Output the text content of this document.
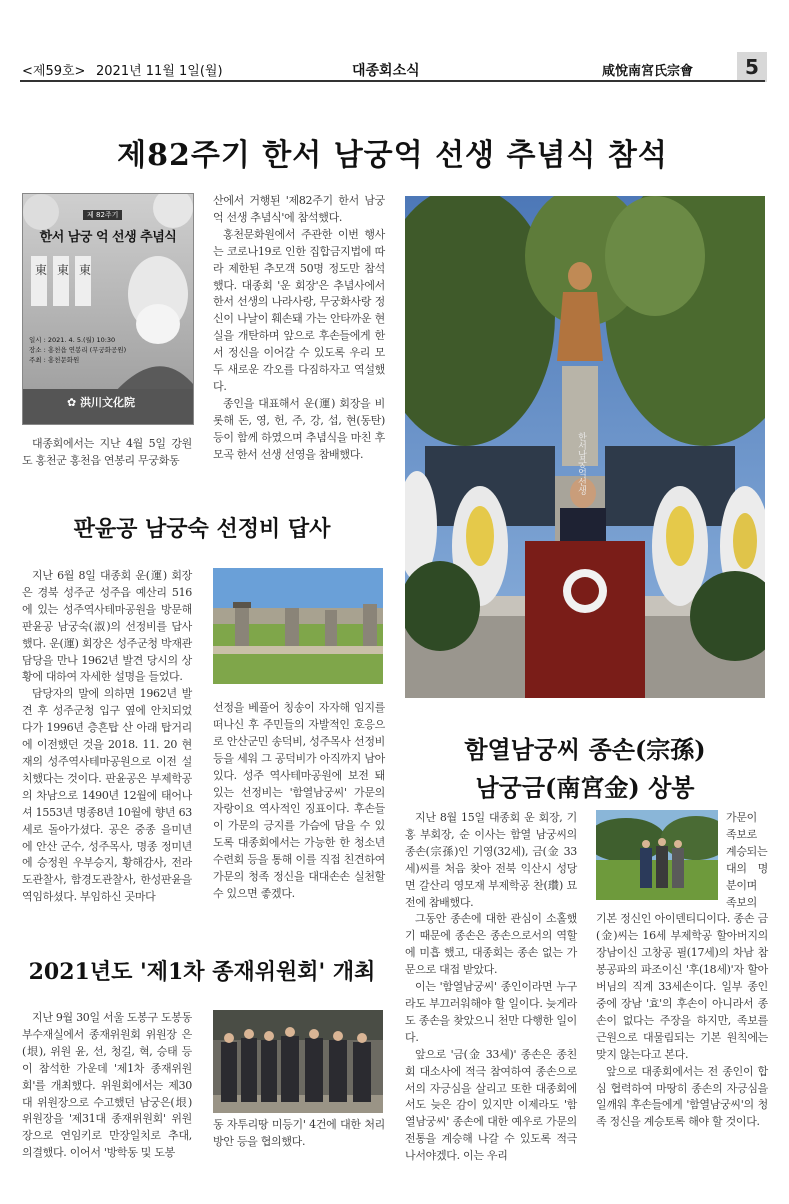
<제59호> 2021년 11월 1일(월)	대종회소식	咸悅南宮氏宗會	5
제82주기 한서 남궁억 선생 추념식 참석
東 東 東
제 82주기
한서 남궁 억 선생 추념식
일시 : 2021. 4. 5.(월) 10:30
장소 : 홍천읍 연봉리 (무궁화공원)
주최 : 홍천문화원
✿ 洪川文化院

대종회에서는 지난 4월 5일 강원도 홍천군 홍천읍 연봉리 무궁화동

산에서 거행된 '제82주기 한서 남궁억 선생 추념식'에 참석했다.

홍천문화원에서 주관한 이번 행사는 코로나19로 인한 집합금지법에 따라 제한된 추모객 50명 정도만 참석했다. 대종회 '운 회장'은 추념사에서 한서 선생의 나라사랑, 무궁화사랑 정신이 나날이 훼손돼 가는 안타까운 현실을 개탄하며 앞으로 후손들에게 한서 정신을 이어갈 수 있도록 우리 모두 새로운 각오를 다짐하자고 역설했다.

종인을 대표해서 운(運) 회장을 비롯해 돈, 영, 헌, 주, 강, 섭, 현(동탄) 등이 함께 하였으며 추념식을 마친 후 모곡 한서 선생 선영을 참배했다.	한서남궁억선생
판윤공 남궁숙 선정비 답사

지난 6월 8일 대종회 운(運) 회장은 경북 성주군 성주읍 예산리 516에 있는 성주역사테마공원을 방문해 판윤공 남궁숙(淑)의 선정비를 답사했다. 운(運) 회장은 성주군청 박재관 담당을 만나 1962년 발견 당시의 상황에 대하여 자세한 설명을 들었다.

담당자의 말에 의하면 1962년 발견 후 성주군청 입구 옆에 안치되었다가 1996년 층흔탑 산 아래 탑거리에 이전했던 것을 2018. 11. 20 현재의 성주역사테마공원으로 이전 설치했다는 것이다. 판윤공은 부제학공의 차남으로 1490년 12월에 태어나셔 1553년 명종8년 10월에 향년 63세로 돌아가셨다. 공은 중종 을미년에 안산 군수, 성주목사, 명종 정미년에 승정원 우부승지, 황해감사, 전라도관찰사, 함경도관찰사, 한성판윤을 역임하셨다. 부임하신 곳마다

선정을 베풀어 칭송이 자자해 임지를 떠나신 후 주민들의 자발적인 호응으로 안산군민 송덕비, 성주목사 선정비 등을 세워 그 공덕비가 아직까지 남아 있다. 성주 역사테마공원에 보전 돼 있는 선정비는 '함열남궁씨' 가문의 자랑이요 역사적인 징표이다. 후손들이 가문의 긍지를 가슴에 담을 수 있도록 대종회에서는 가능한 한 청소년수련회 등을 통해 이를 직접 친견하여 가문의 청족 정신을 대대손손 실천할 수 있으면 좋겠다.

2021년도 '제1차 종재위원회' 개최

지난 9월 30일 서울 도봉구 도봉동 부수재실에서 종재위원회 위원장 은(垠), 위원 윤, 선, 청길, 혁, 승태 등이 참석한 가운데 '제1차 종재위원회'를 개최했다. 위원회에서는 제30대 위원장으로 수고했던 남궁은(垠) 위원장을 '제31대 종재위원회' 위원장으로 연임키로 만장일치로 추대, 의결했다. 이어서 '방학동 및 도봉

동 자투리땅 미등기' 4건에 대한 처리 방안 등을 협의했다.

함열남궁씨 종손(宗孫)
남궁금(南宮金) 상봉

지난 8월 15일 대종회 운 회장, 기홍 부회장, 순 이사는 함열 남궁씨의 종손(宗孫)인 기영(32세), 금(金 33세)씨를 처음 찾아 전북 익산시 성당면 갈산리 영모재 부제학공 찬(瓚) 묘전에 참배했다.

그동안 종손에 대한 관심이 소홀했기 때문에 종손은 종손으로서의 역할에 미흡 했고, 대종회는 종손 없는 가문으로 대접 받았다.

이는 '함열남궁씨' 종인이라면 누구라도 부끄러워해야 할 일이다. 늦게라도 종손을 찾았으니 천만 다행한 일이다.

앞으로 '금(金 33세)' 종손은 종친회 대소사에 적극 참여하여 종손으로서의 자긍심을 살리고 또한 대종회에서도 늦은 감이 있지만 이제라도 '함열남궁씨' 종손에 대한 예우로 가문의 전통을 계승해 나갈 수 있도록 적극 나서야겠다. 이는 우리

가문이 족보로 계승되는 대의 명분이며 족보의 기본 정신인 아이덴티디이다. 종손 금(金)씨는 16세 부제학공 할아버지의 장남이신 고창공 필(17세)의 차남 참봉공파의 파조이신 '후(18세)'자 할아버님의 직계 33세손이다. 일부 종인 중에 장남 '효'의 후손이 아니라서 종손이 없다는 주장을 하지만, 족보를 근원으로 대물림되는 기본 원칙에는 맞지 않는다고 본다.

앞으로 대종회에서는 전 종인이 합심 협력하여 마땅히 종손의 자긍심을 일깨워 후손들에게 '함열남궁씨'의 청족 정신을 계승토록 해야 할 것이다.
